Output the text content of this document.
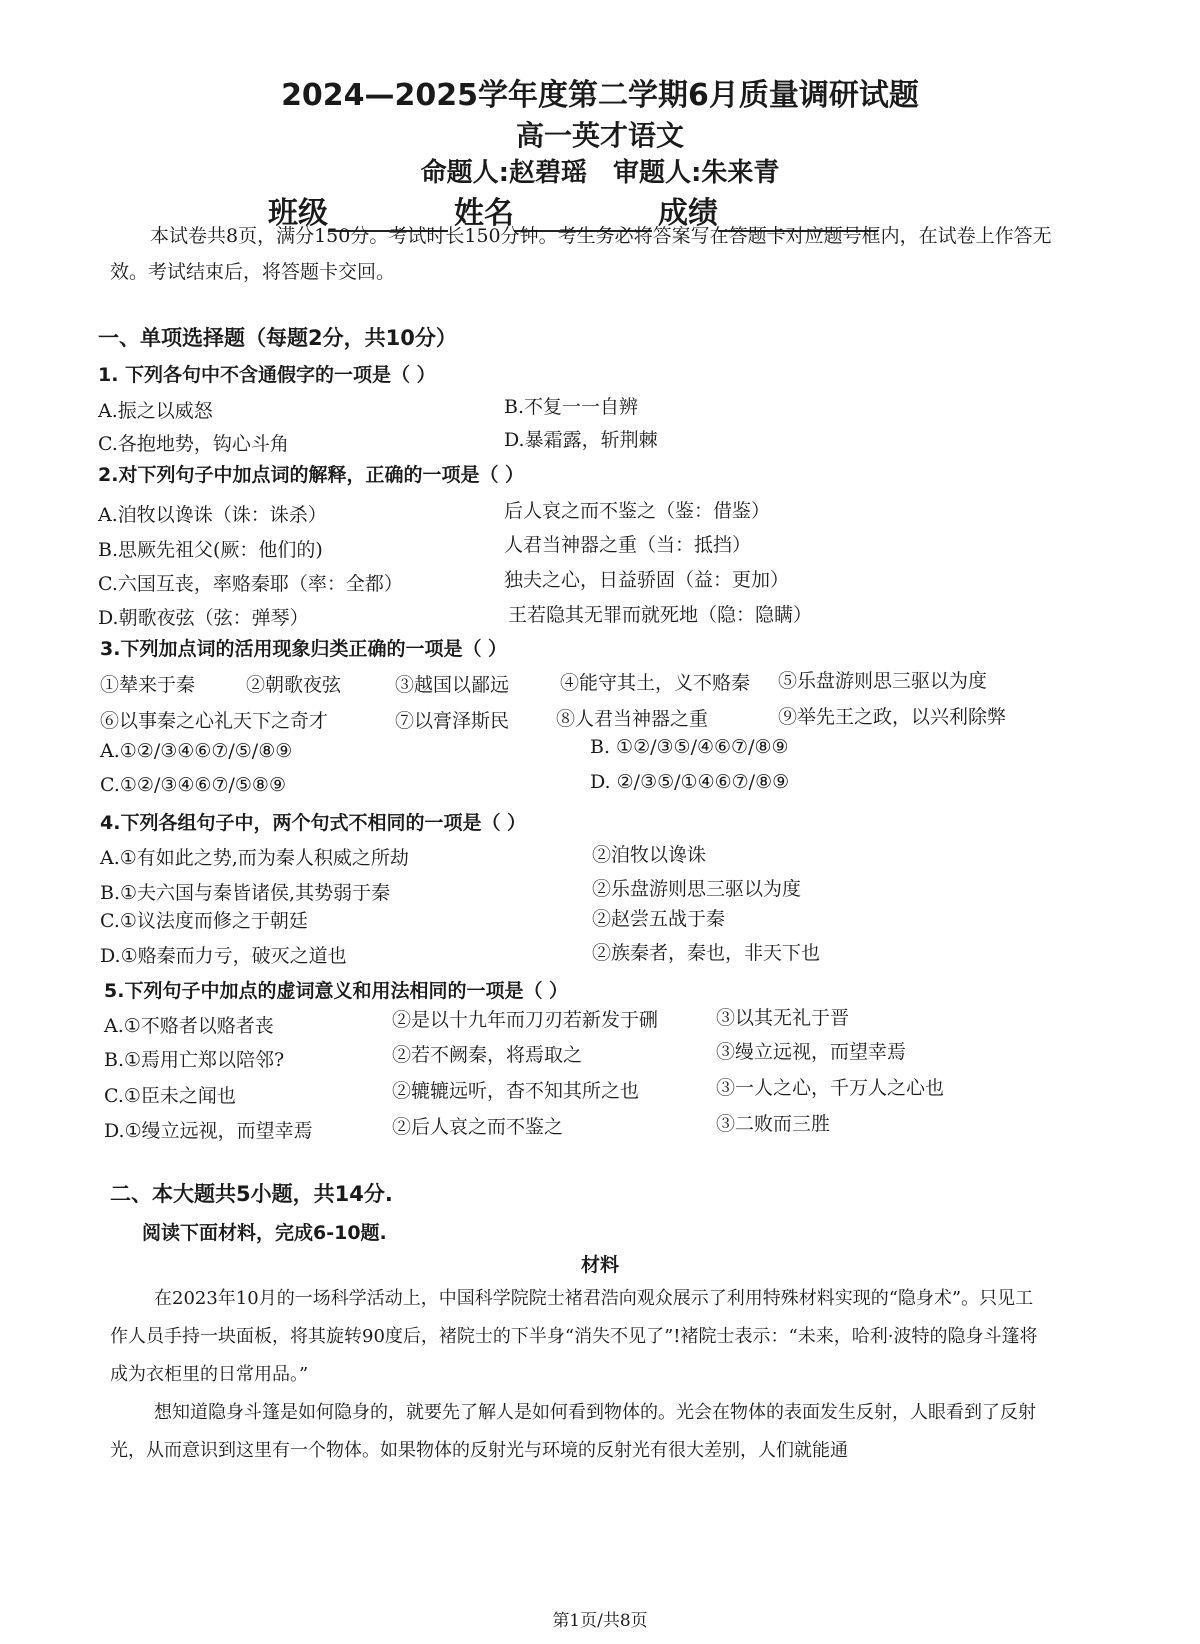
2024—2025学年度第二学期6月质量调研试题
高一英才语文
命题人:赵碧瑶　审题人:朱来青
班级	姓名	成绩
本试卷共8页，满分150分。考试时长150分钟。考生务必将答案写在答题卡对应题号框内，在试卷上作答无效。考试结束后，将答题卡交回。
一、单项选择题（每题2分，共10分）
1. 下列各句中不含通假字的一项是（ ）
A.振之以威怒	B.不复一一自辨
C.各抱地势，钩心斗角	D.暴霜露，斩荆棘
2.对下列句子中加点词的解释，正确的一项是（ ）
A.洎牧以谗诛（诛：诛杀）	后人哀之而不鉴之（鉴：借鉴）
B.思厥先祖父(厥：他们的)	人君当神器之重（当：抵挡）
C.六国互丧，率赂秦耶（率：全都）	独夫之心，日益骄固（益：更加）
D.朝歌夜弦（弦：弹琴）	王若隐其无罪而就死地（隐：隐瞒）
3.下列加点词的活用现象归类正确的一项是（ ）
①辇来于秦	②朝歌夜弦	③越国以鄙远	④能守其土，义不赂秦 ⑤乐盘游则思三驱以为度
⑥以事秦之心礼天下之奇才	⑦以膏泽斯民 ⑧人君当神器之重	⑨举先王之政，以兴利除弊
A.①②/③④⑥⑦/⑤/⑧⑨	B. ①②/③⑤/④⑥⑦/⑧⑨
C.①②/③④⑥⑦/⑤⑧⑨	D. ②/③⑤/①④⑥⑦/⑧⑨
4.下列各组句子中，两个句式不相同的一项是（ ）
A.①有如此之势,而为秦人积威之所劫	②洎牧以谗诛
B.①夫六国与秦皆诸侯,其势弱于秦	②乐盘游则思三驱以为度
C.①议法度而修之于朝廷	②赵尝五战于秦
D.①赂秦而力亏，破灭之道也	②族秦者，秦也，非天下也
5.下列句子中加点的虚词意义和用法相同的一项是（ ）
A.①不赂者以赂者丧	②是以十九年而刀刃若新发于硎	③以其无礼于晋
B.①焉用亡郑以陪邻?	②若不阙秦，将焉取之	③缦立远视，而望幸焉
C.①臣未之闻也	②辘辘远听，杳不知其所之也	③一人之心，千万人之心也
D.①缦立远视，而望幸焉	②后人哀之而不鉴之	③二败而三胜
二、本大题共5小题，共14分.
阅读下面材料，完成6-10题.
材料
在2023年10月的一场科学活动上，中国科学院院士褚君浩向观众展示了利用特殊材料实现的“隐身术”。只见工作人员手持一块面板，将其旋转90度后，褚院士的下半身“消失不见了”!褚院士表示：“未来，哈利·波特的隐身斗篷将成为衣柜里的日常用品。”
想知道隐身斗篷是如何隐身的，就要先了解人是如何看到物体的。光会在物体的表面发生反射，人眼看到了反射光，从而意识到这里有一个物体。如果物体的反射光与环境的反射光有很大差别，人们就能通
第1页/共8页
